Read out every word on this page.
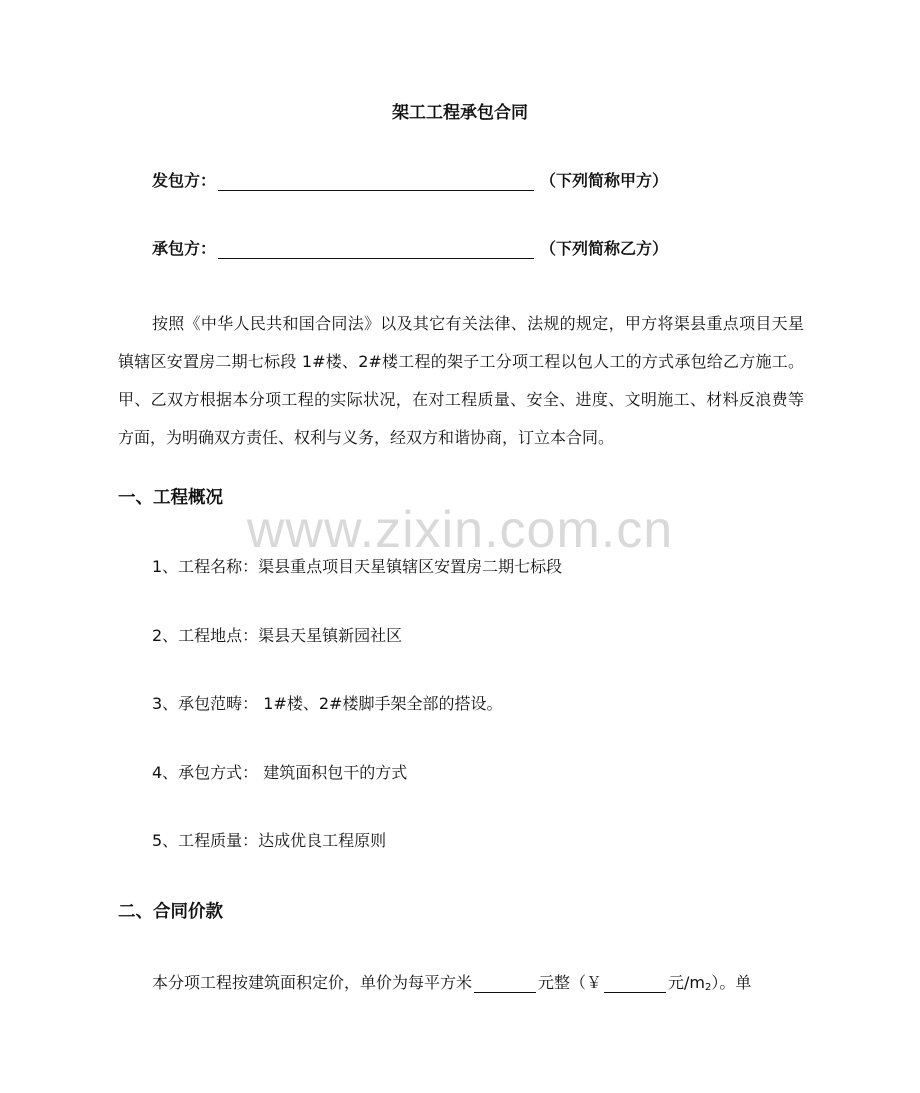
架工工程承包合同
发包方：	（下列简称甲方）
承包方：	（下列简称乙方）

按照《中华人民共和国合同法》以及其它有关法律、法规的规定，甲方将渠县重点项目天星镇辖区安置房二期七标段 1#楼、2#楼工程的架子工分项工程以包人工的方式承包给乙方施工。甲、乙双方根据本分项工程的实际状况，在对工程质量、安全、进度、文明施工、材料反浪费等方面，为明确双方责任、权利与义务，经双方和谐协商，订立本合同。

一、工程概况
1、工程名称：渠县重点项目天星镇辖区安置房二期七标段
2、工程地点：渠县天星镇新园社区
3、承包范畴： 1#楼、2#楼脚手架全部的搭设。
4、承包方式： 建筑面积包干的方式
5、工程质量：达成优良工程原则
二、合同价款
本分项工程按建筑面积定价，单价为每平方米	元整（￥	元$/m_2$ ）。单
www.zixin.com.cn
